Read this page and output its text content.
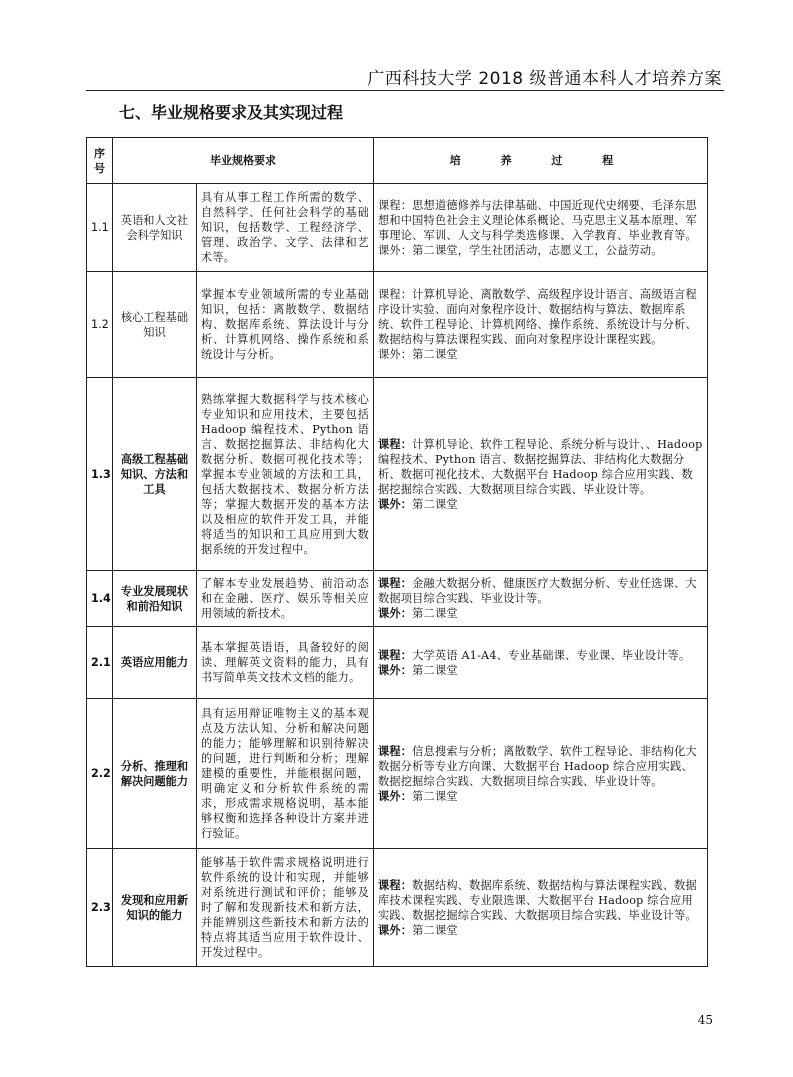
广西科技大学 2018 级普通本科人才培养方案
七、毕业规格要求及其实现过程
序
号	毕业规格要求		培 养 过 程
1.1	英语和人文社会科学知识	具有从事工程工作所需的数学、自然科学、任何社会科学的基础知识，包括数学、工程经济学、管理、政治学、文学、法律和艺术等。	课程：思想道德修养与法律基础、中国近现代史纲要、毛泽东思想和中国特色社会主义理论体系概论、马克思主义基本原理、军事理论、军训、人文与科学类选修课、入学教育、毕业教育等。
课外：第二课堂，学生社团活动，志愿义工，公益劳动。

1.2	核心工程基础知识	掌握本专业领域所需的专业基础知识，包括：离散数学、数据结构、数据库系统、算法设计与分析、计算机网络、操作系统和系统设计与分析。	课程：计算机导论、离散数学、高级程序设计语言、高级语言程序设计实验、面向对象程序设计、数据结构与算法、数据库系统、软件工程导论、计算机网络、操作系统、系统设计与分析、数据结构与算法课程实践、面向对象程序设计课程实践。
课外：第二课堂

1.3	高级工程基础知识、方法和工具	熟练掌握大数据科学与技术核心专业知识和应用技术，主要包括 Hadoop 编程技术、Python 语言、数据挖掘算法、非结构化大数据分析、数据可视化技术等；掌握本专业领域的方法和工具，包括大数据技术、数据分析方法等；掌握大数据开发的基本方法以及相应的软件开发工具，并能将适当的知识和工具应用到大数据系统的开发过程中。	课程：计算机导论、软件工程导论、系统分析与设计、、Hadoop 编程技术、Python 语言、数据挖掘算法、非结构化大数据分析、数据可视化技术、大数据平台 Hadoop 综合应用实践、数据挖掘综合实践、大数据项目综合实践、毕业设计等。
课外：第二课堂

1.4	专业发展现状和前沿知识	了解本专业发展趋势、前沿动态和在金融、医疗、娱乐等相关应用领域的新技术。	课程：金融大数据分析、健康医疗大数据分析、专业任选课、大数据项目综合实践、毕业设计等。
课外：第二课堂

2.1	英语应用能力	基本掌握英语语，具备较好的阅读、理解英文资料的能力，具有书写简单英文技术文档的能力。	课程：大学英语 A1-A4、专业基础课、专业课、毕业设计等。
课外：第二课堂

2.2	分析、推理和解决问题能力	具有运用辩证唯物主义的基本观点及方法认知、分析和解决问题的能力；能够理解和识别待解决的问题，进行判断和分析；理解建模的重要性，并能根据问题，明确定义和分析软件系统的需求，形成需求规格说明，基本能够权衡和选择各种设计方案并进行验证。	课程：信息搜索与分析；离散数学、软件工程导论、非结构化大数据分析等专业方向课、大数据平台 Hadoop 综合应用实践、数据挖掘综合实践、大数据项目综合实践、毕业设计等。
课外：第二课堂

2.3	发现和应用新知识的能力	能够基于软件需求规格说明进行软件系统的设计和实现，并能够对系统进行测试和评价；能够及时了解和发现新技术和新方法，并能辨别这些新技术和新方法的特点将其适当应用于软件设计、开发过程中。	课程：数据结构、数据库系统、数据结构与算法课程实践、数据库技术课程实践、专业限选课、大数据平台 Hadoop 综合应用实践、数据挖掘综合实践、大数据项目综合实践、毕业设计等。
课外：第二课堂
45
